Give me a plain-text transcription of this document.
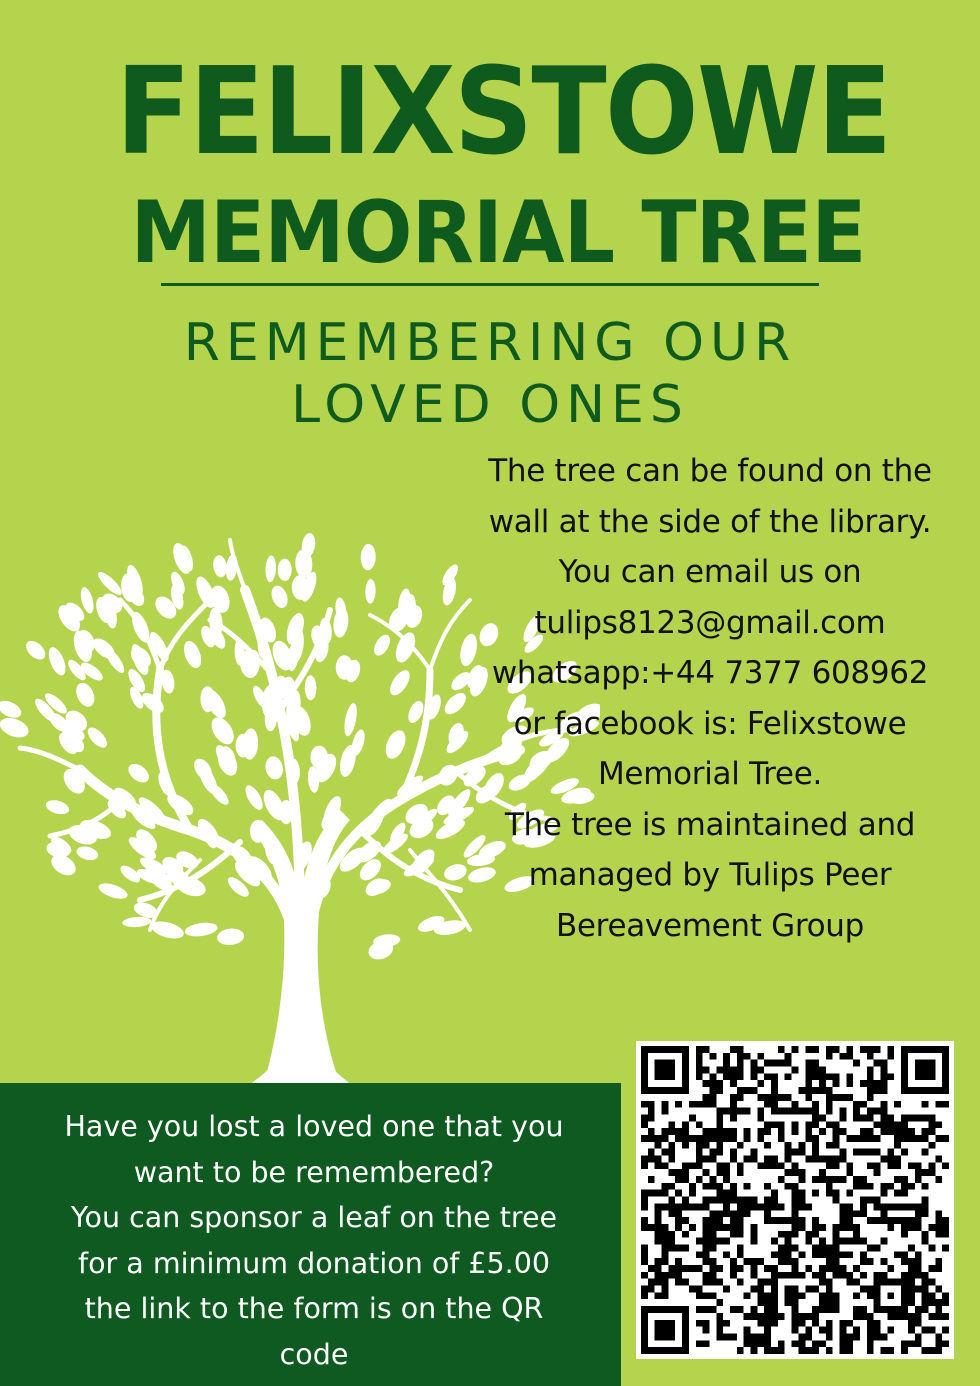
FELIXSTOWE
MEMORIAL TREE
REMEMBERING OUR
LOVED ONES
The tree can be found on the
wall at the side of the library.
You can email us on
tulips8123@gmail.com
whatsapp:+44 7377 608962
or facebook is: Felixstowe
Memorial Tree.
The tree is maintained and
managed by Tulips Peer
Bereavement Group
Have you lost a loved one that you
want to be remembered?
You can sponsor a leaf on the tree
for a minimum donation of £5.00
the link to the form is on the QR
code
